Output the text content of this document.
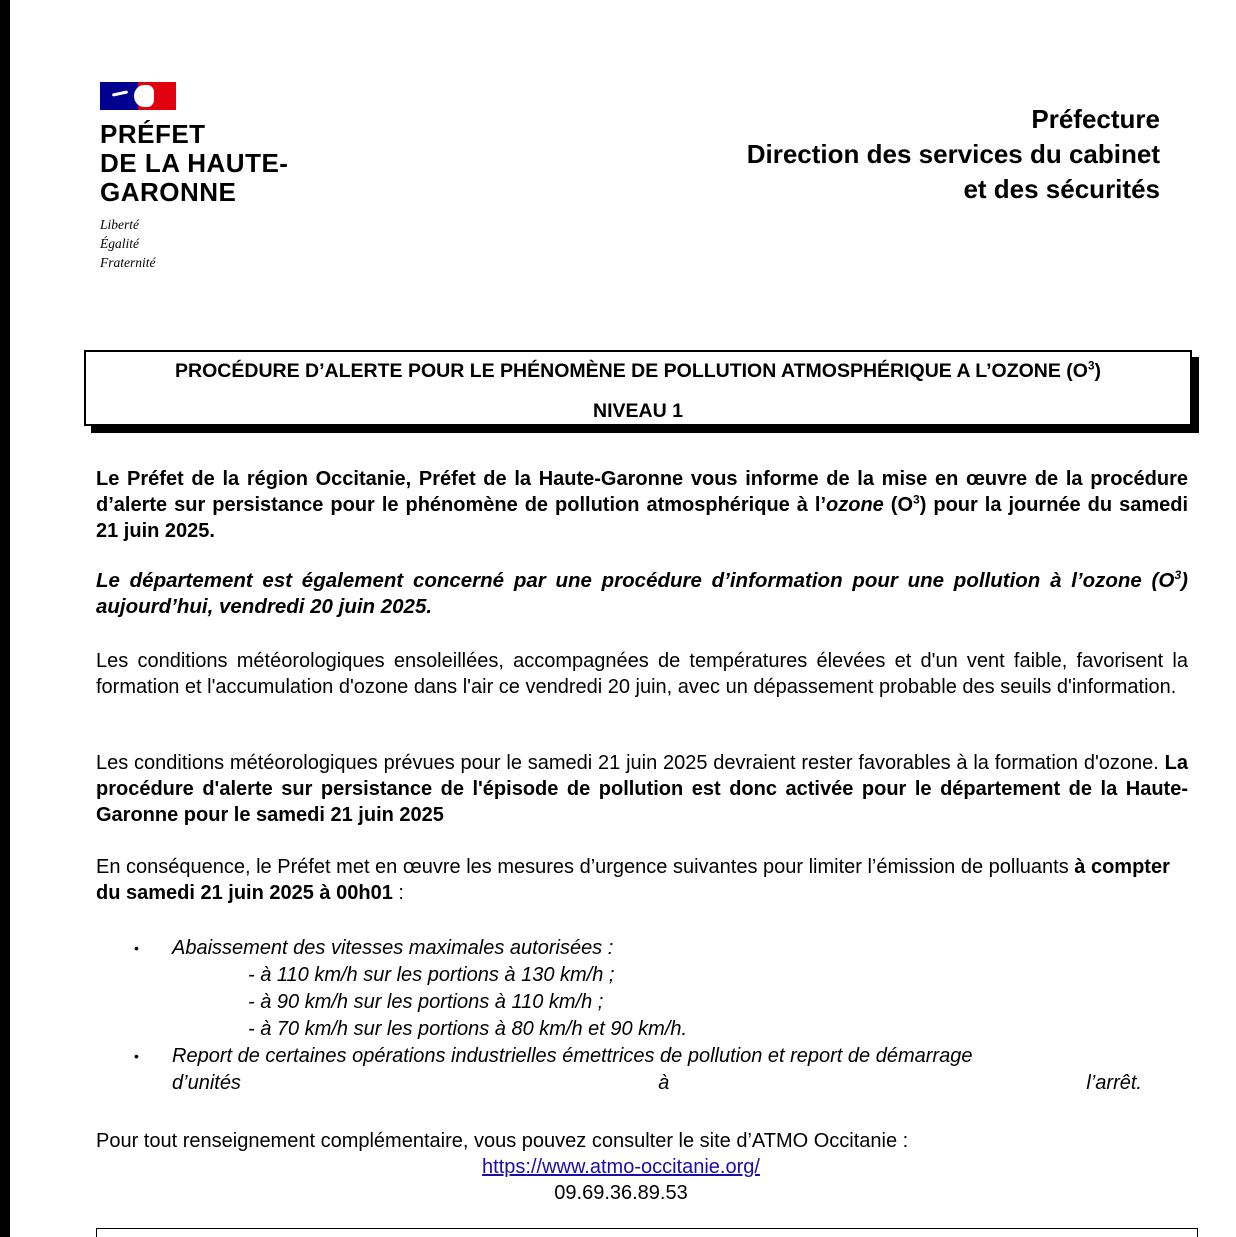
PRÉFET
DE LA HAUTE-
GARONNE
Liberté
Égalité
Fraternité
Préfecture
Direction des services du cabinet
et des sécurités
PROCÉDURE D’ALERTE POUR LE PHÉNOMÈNE DE POLLUTION ATMOSPHÉRIQUE A L’OZONE $(O^3)$
NIVEAU 1
Le Préfet de la région Occitanie, Préfet de la Haute-Garonne vous informe de la mise en œuvre de la procédure d’alerte sur persistance pour le phénomène de pollution atmosphérique à l’ozone $(O^3)$ pour la journée du samedi 21 juin 2025.
Le département est également concerné par une procédure d’information pour une pollution à l’ozone $(O^3)$ aujourd’hui, vendredi 20 juin 2025.
Les conditions météorologiques ensoleillées, accompagnées de températures élevées et d'un vent faible, favorisent la formation et l'accumulation d'ozone dans l'air ce vendredi 20 juin, avec un dépassement probable des seuils d'information.
Les conditions météorologiques prévues pour le samedi 21 juin 2025 devraient rester favorables à la formation d'ozone. La procédure d'alerte sur persistance de l'épisode de pollution est donc activée pour le département de la Haute-Garonne pour le samedi 21 juin 2025
En conséquence, le Préfet met en œuvre les mesures d’urgence suivantes pour limiter l’émission de polluants à compter du samedi 21 juin 2025 à 00h01 :
• Abaissement des vitesses maximales autorisées :
- à 110 km/h sur les portions à 130 km/h ;
- à 90 km/h sur les portions à 110 km/h ;
- à 70 km/h sur les portions à 80 km/h et 90 km/h.
• Report de certaines opérations industrielles émettrices de pollution et report de démarrage
d’unités	à	l’arrêt.
Pour tout renseignement complémentaire, vous pouvez consulter le site d’ATMO Occitanie :
https://www.atmo-occitanie.org/
09.69.36.89.53
